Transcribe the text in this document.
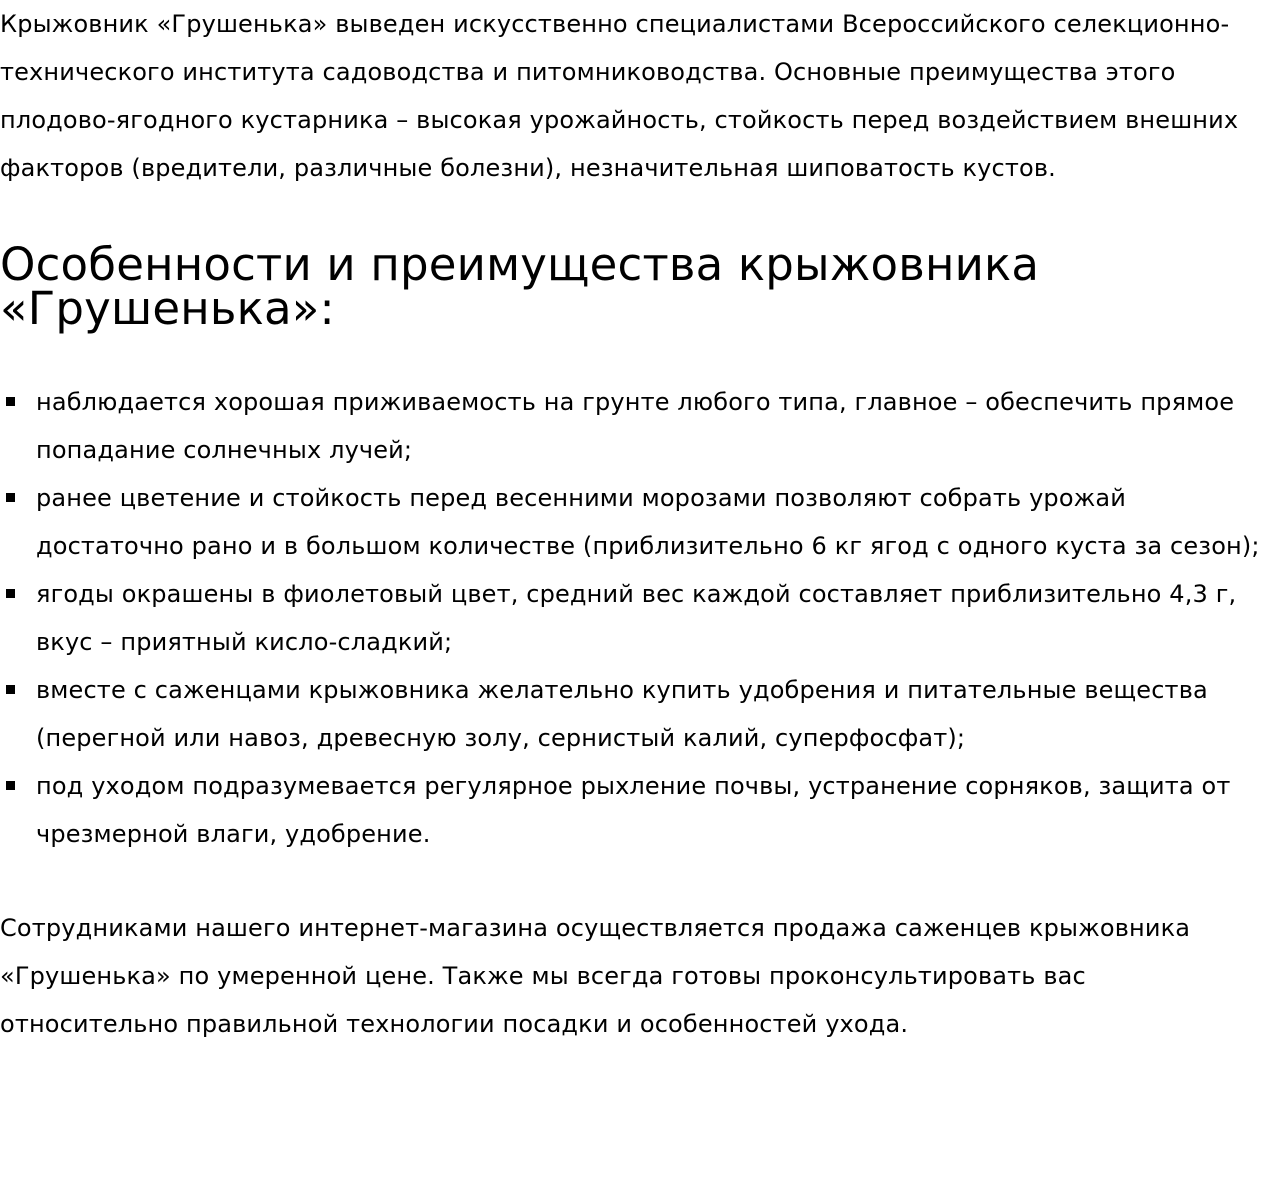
Крыжовник «Грушенька» выведен искусственно специалистами Всероссийского селекционно-технического института садоводства и питомниководства. Основные преимущества этого плодово-ягодного кустарника – высокая урожайность, стойкость перед воздействием внешних факторов (вредители, различные болезни), незначительная шиповатость кустов.

Особенности и преимущества крыжовника «Грушенька»:
наблюдается хорошая приживаемость на грунте любого типа, главное – обеспечить прямое попадание солнечных лучей;
ранее цветение и стойкость перед весенними морозами позволяют собрать урожай достаточно рано и в большом количестве (приблизительно 6 кг ягод с одного куста за сезон);
ягоды окрашены в фиолетовый цвет, средний вес каждой составляет приблизительно 4,3 г, вкус – приятный кисло-сладкий;
вместе с саженцами крыжовника желательно купить удобрения и питательные вещества (перегной или навоз, древесную золу, сернистый калий, суперфосфат);
под уходом подразумевается регулярное рыхление почвы, устранение сорняков, защита от чрезмерной влаги, удобрение.

Сотрудниками нашего интернет-магазина осуществляется продажа саженцев крыжовника «Грушенька» по умеренной цене. Также мы всегда готовы проконсультировать вас относительно правильной технологии посадки и особенностей ухода.
